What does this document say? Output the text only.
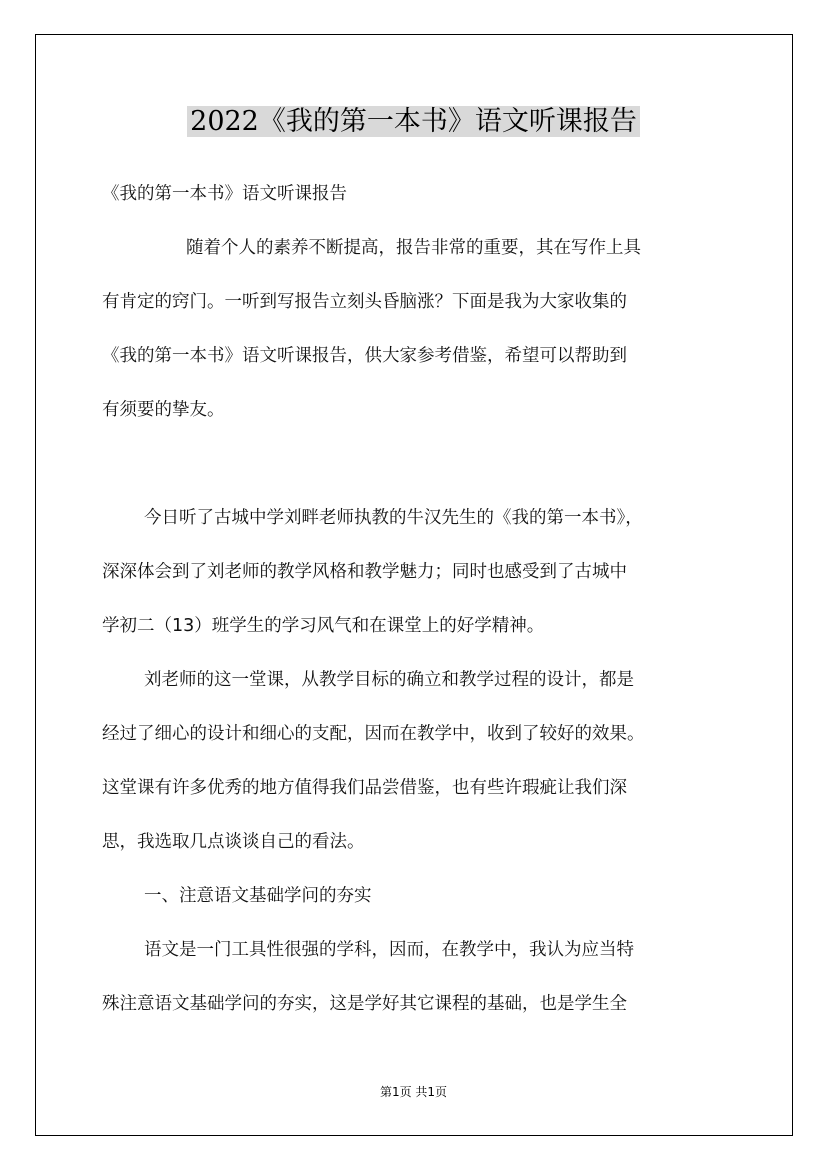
2022《我的第一本书》语文听课报告
《我的第一本书》语文听课报告
随着个人的素养不断提高，报告非常的重要，其在写作上具
有肯定的窍门。一听到写报告立刻头昏脑涨？下面是我为大家收集的
《我的第一本书》语文听课报告，供大家参考借鉴，希望可以帮助到
有须要的挚友。
今日听了古城中学刘畔老师执教的牛汉先生的《我的第一本书》，
深深体会到了刘老师的教学风格和教学魅力；同时也感受到了古城中
学初二（13）班学生的学习风气和在课堂上的好学精神。
刘老师的这一堂课，从教学目标的确立和教学过程的设计，都是
经过了细心的设计和细心的支配，因而在教学中，收到了较好的效果。
这堂课有许多优秀的地方值得我们品尝借鉴，也有些许瑕疵让我们深
思，我选取几点谈谈自己的看法。
一、注意语文基础学问的夯实
语文是一门工具性很强的学科，因而，在教学中，我认为应当特
殊注意语文基础学问的夯实，这是学好其它课程的基础，也是学生全
第1页 共1页
